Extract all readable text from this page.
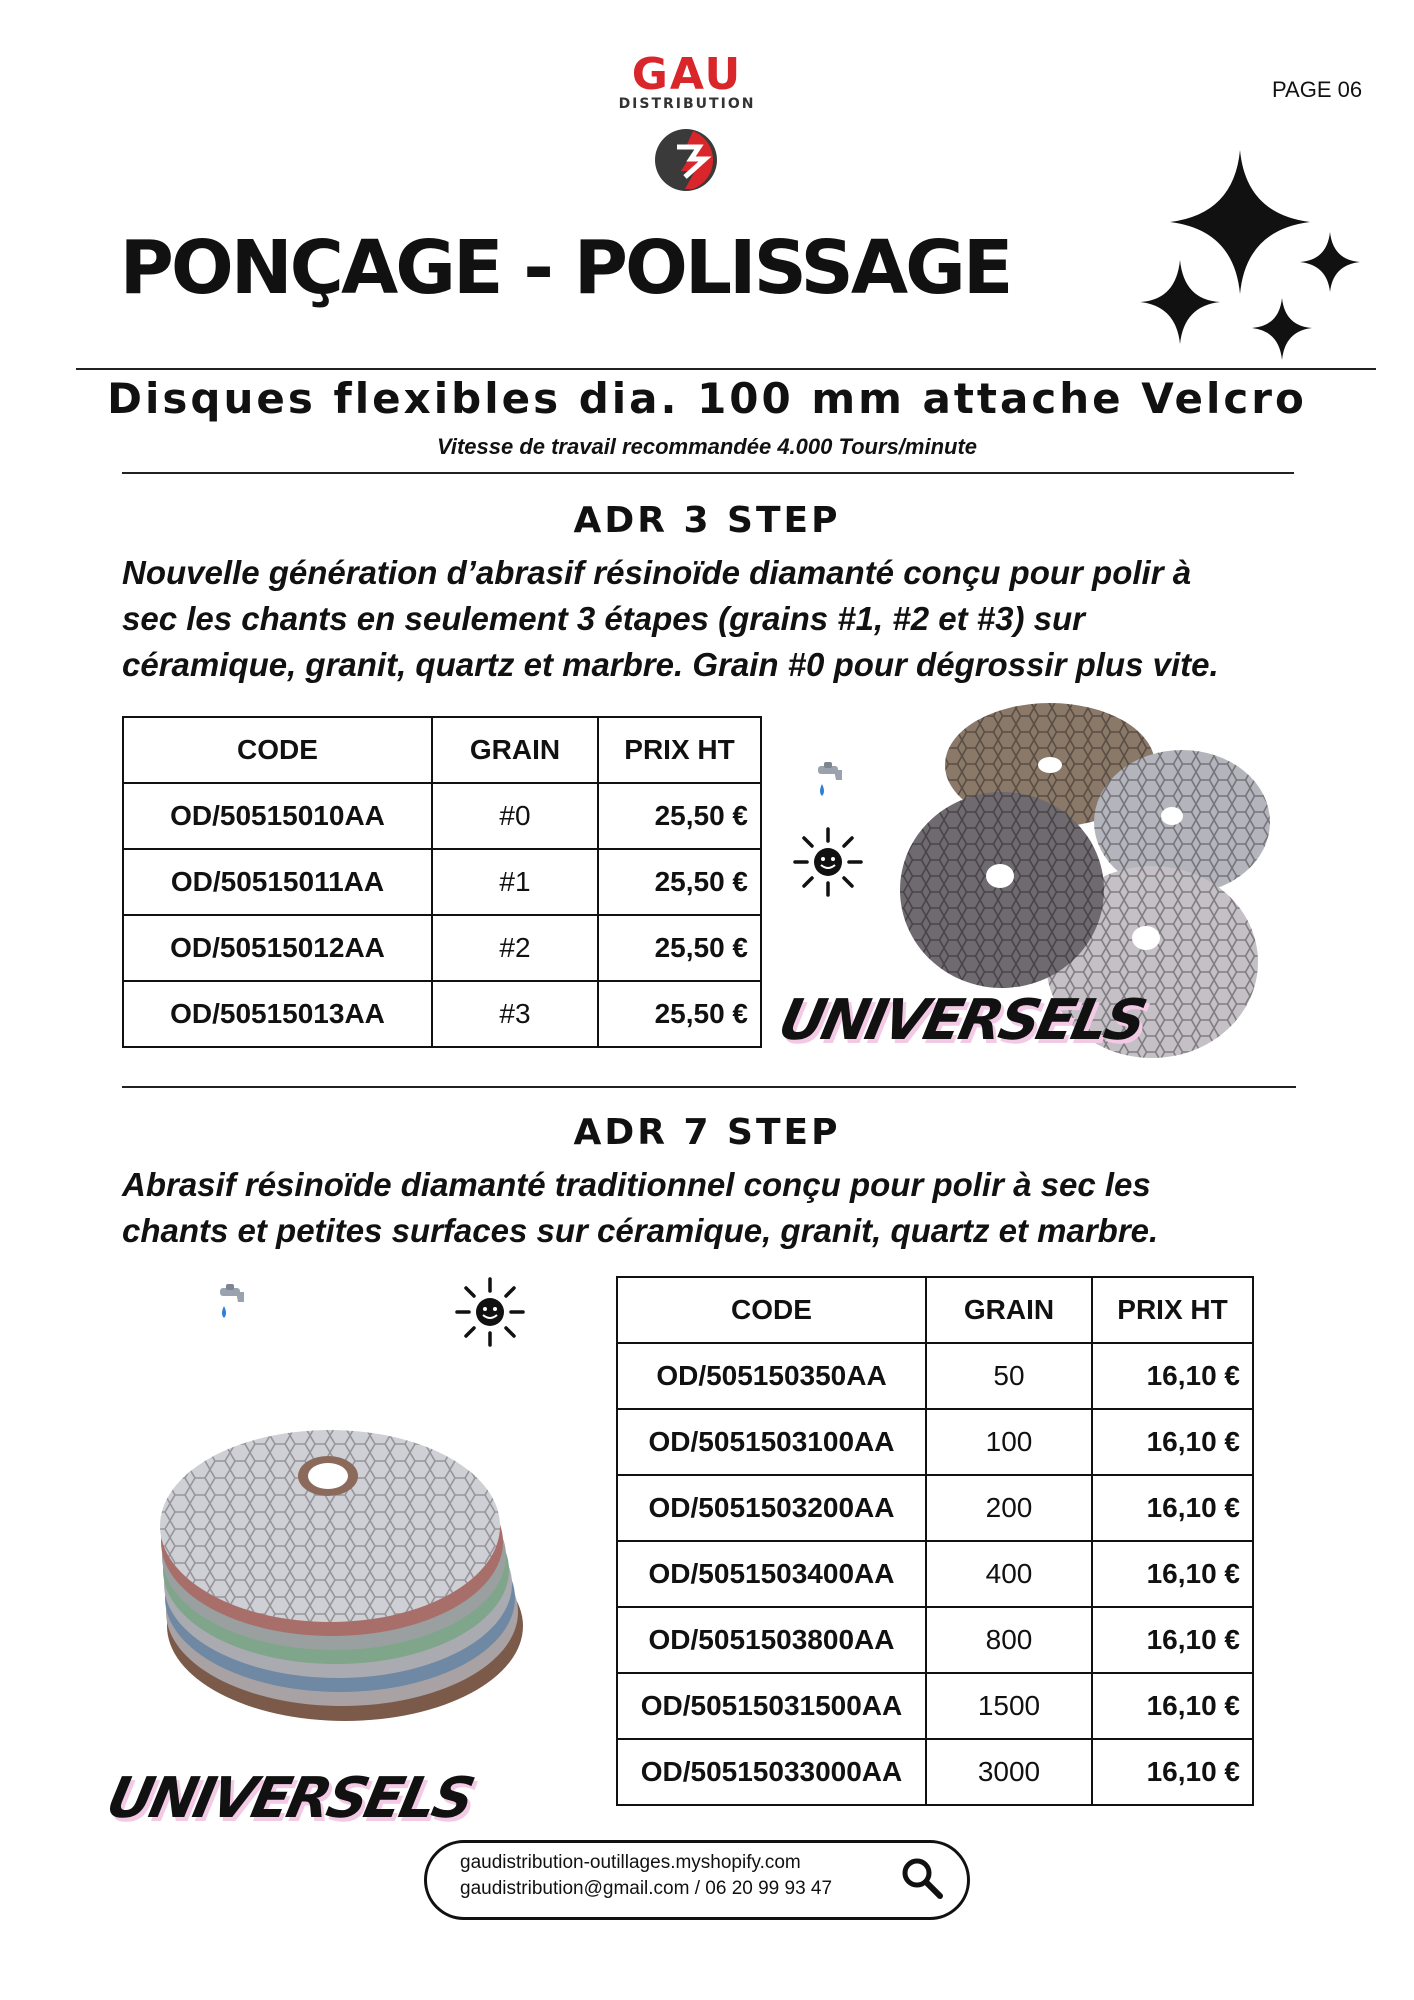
GAU
DISTRIBUTION
PAGE 06
PONÇAGE - POLISSAGE
Disques flexibles dia. 100 mm attache Velcro
Vitesse de travail recommandée 4.000 Tours/minute
ADR 3 STEP
Nouvelle génération d’abrasif résinoïde diamanté conçu pour polir à
sec les chants en seulement 3 étapes (grains #1, #2 et #3) sur
céramique, granit, quartz et marbre. Grain #0 pour dégrossir plus vite.
CODE	GRAIN	PRIX HT
OD/50515010AA	#0	25,50 €
OD/50515011AA	#1	25,50 €
OD/50515012AA	#2	25,50 €
OD/50515013AA	#3	25,50 € UNIVERSELS
ADR 7 STEP
Abrasif résinoïde diamanté traditionnel conçu pour polir à sec les
chants et petites surfaces sur céramique, granit, quartz et marbre.
UNIVERSELS
CODE	GRAIN	PRIX HT
OD/505150350AA	50	16,10 €
OD/5051503100AA	100	16,10 €
OD/5051503200AA	200	16,10 €
OD/5051503400AA	400	16,10 €
OD/5051503800AA	800	16,10 €
OD/50515031500AA	1500	16,10 €
OD/50515033000AA	3000	16,10 €
gaudistribution-outillages.myshopify.com
gaudistribution@gmail.com / 06 20 99 93 47
